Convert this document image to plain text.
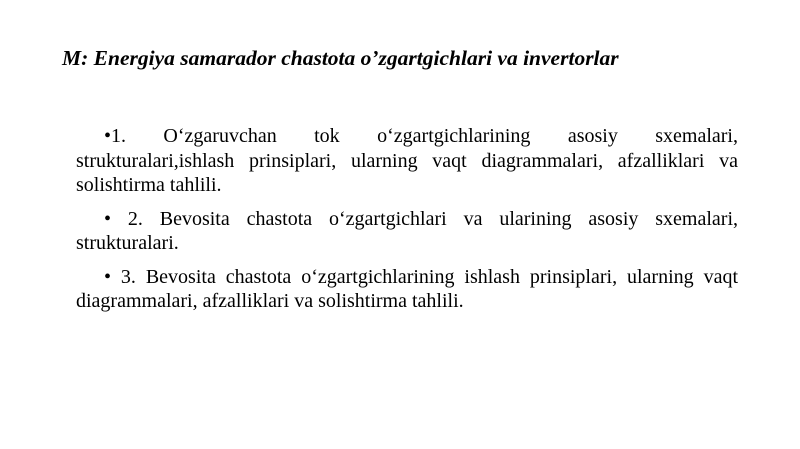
M: Energiya samarador chastota o’zgartgichlari va invertorlar

•1. O‘zgaruvchan tok o‘zgartgichlarining asosiy sxemalari, strukturalari,ishlash prinsiplari, ularning vaqt diagrammalari, afzalliklari va solishtirma tahlili.

• 2. Bevosita chastota o‘zgartgichlari va ularining asosiy sxemalari, strukturalari.

• 3. Bevosita chastota o‘zgartgichlarining ishlash prinsiplari, ularning vaqt diagrammalari, afzalliklari va solishtirma tahlili.
